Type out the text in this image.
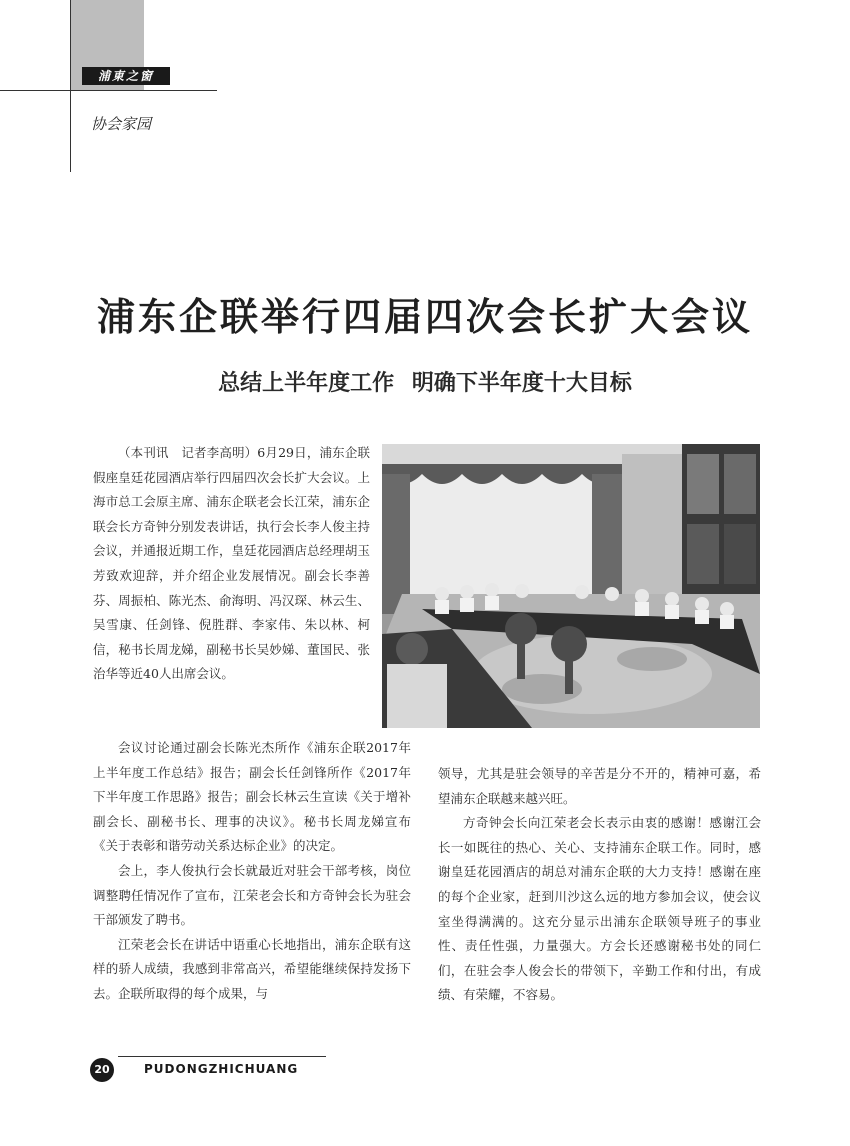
浦東之窗
协会家园
浦东企联举行四届四次会长扩大会议
总结上半年度工作 明确下半年度十大目标

（本刊讯　记者李高明）6月29日，浦东企联假座皇廷花园酒店举行四届四次会长扩大会议。上海市总工会原主席、浦东企联老会长江荣，浦东企联会长方奇钟分别发表讲话，执行会长李人俊主持会议，并通报近期工作，皇廷花园酒店总经理胡玉芳致欢迎辞，并介绍企业发展情况。副会长李善芬、周振柏、陈光杰、俞海明、冯汉琛、林云生、吴雪康、任剑锋、倪胜群、李家伟、朱以林、柯信，秘书长周龙娣，副秘书长吴妙娣、董国民、张治华等近40人出席会议。

会议讨论通过副会长陈光杰所作《浦东企联2017年上半年度工作总结》报告；副会长任剑锋所作《2017年下半年度工作思路》报告；副会长林云生宣读《关于增补副会长、副秘书长、理事的决议》。秘书长周龙娣宣布《关于表彰和谐劳动关系达标企业》的决定。

会上，李人俊执行会长就最近对驻会干部考核，岗位调整聘任情况作了宣布，江荣老会长和方奇钟会长为驻会干部颁发了聘书。

江荣老会长在讲话中语重心长地指出，浦东企联有这样的骄人成绩，我感到非常高兴，希望能继续保持发扬下去。企联所取得的每个成果，与

领导，尤其是驻会领导的辛苦是分不开的，精神可嘉，希望浦东企联越来越兴旺。

方奇钟会长向江荣老会长表示由衷的感谢！感谢江会长一如既往的热心、关心、支持浦东企联工作。同时，感谢皇廷花园酒店的胡总对浦东企联的大力支持！感谢在座的每个企业家，赶到川沙这么远的地方参加会议，使会议室坐得满满的。这充分显示出浦东企联领导班子的事业性、责任性强，力量强大。方会长还感谢秘书处的同仁们，在驻会李人俊会长的带领下，辛勤工作和付出，有成绩、有荣耀，不容易。

20	PUDONGZHICHUANG
